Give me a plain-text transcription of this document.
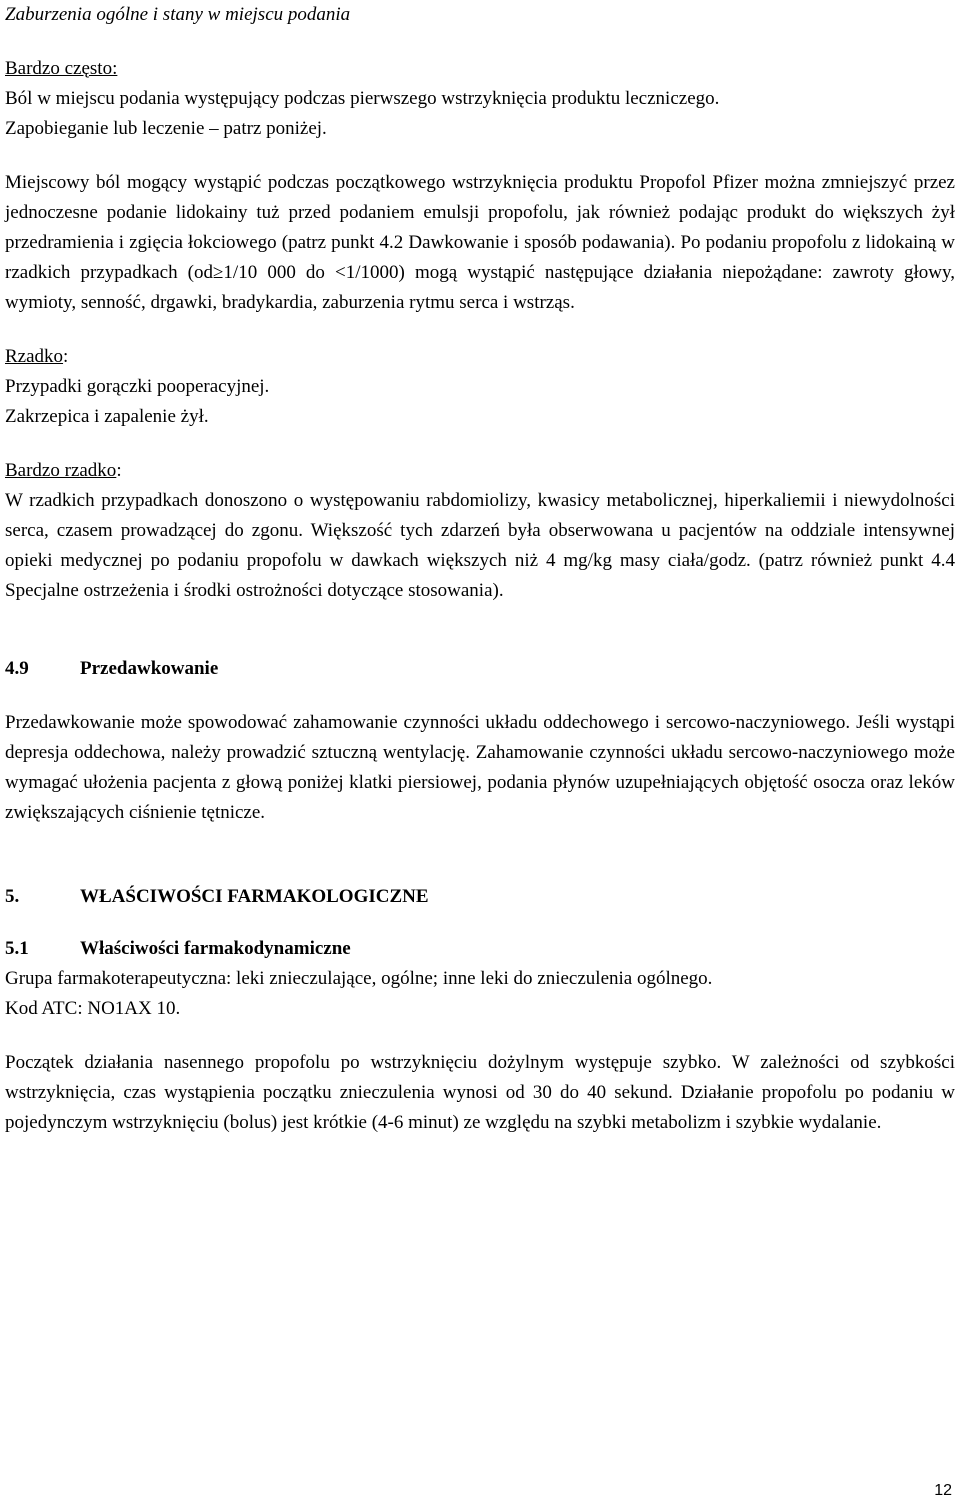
Zaburzenia ogólne i stany w miejscu podania

Bardzo często:

Ból w miejscu podania występujący podczas pierwszego wstrzyknięcia produktu leczniczego.

Zapobieganie lub leczenie – patrz poniżej.

Miejscowy ból mogący wystąpić podczas początkowego wstrzyknięcia produktu Propofol Pfizer można zmniejszyć przez jednoczesne podanie lidokainy tuż przed podaniem emulsji propofolu, jak również podając produkt do większych żył przedramienia i zgięcia łokciowego (patrz punkt 4.2 Dawkowanie i sposób podawania). Po podaniu propofolu z lidokainą w rzadkich przypadkach (od≥1/10 000 do <1/1000) mogą wystąpić następujące działania niepożądane: zawroty głowy, wymioty, senność, drgawki, bradykardia, zaburzenia rytmu serca i wstrząs.

Rzadko:

Przypadki gorączki pooperacyjnej.

Zakrzepica i zapalenie żył.

Bardzo rzadko:

W rzadkich przypadkach donoszono o występowaniu rabdomiolizy, kwasicy metabolicznej, hiperkaliemii i niewydolności serca, czasem prowadzącej do zgonu. Większość tych zdarzeń była obserwowana u pacjentów na oddziale intensywnej opieki medycznej po podaniu propofolu w dawkach większych niż 4 mg/kg masy ciała/godz. (patrz również punkt 4.4 Specjalne ostrzeżenia i środki ostrożności dotyczące stosowania).

4.9	Przedawkowanie

Przedawkowanie może spowodować zahamowanie czynności układu oddechowego i sercowo-naczyniowego. Jeśli wystąpi depresja oddechowa, należy prowadzić sztuczną wentylację. Zahamowanie czynności układu sercowo-naczyniowego może wymagać ułożenia pacjenta z głową poniżej klatki piersiowej, podania płynów uzupełniających objętość osocza oraz leków zwiększających ciśnienie tętnicze.

5.	WŁAŚCIWOŚCI FARMAKOLOGICZNE

5.1	Właściwości farmakodynamiczne

Grupa farmakoterapeutyczna: leki znieczulające, ogólne; inne leki do znieczulenia ogólnego.

Kod ATC: NO1AX 10.

Początek działania nasennego propofolu po wstrzyknięciu dożylnym występuje szybko. W zależności od szybkości wstrzyknięcia, czas wystąpienia początku znieczulenia wynosi od 30 do 40 sekund. Działanie propofolu po podaniu w pojedynczym wstrzyknięciu (bolus) jest krótkie (4-6 minut) ze względu na szybki metabolizm i szybkie wydalanie.

12
